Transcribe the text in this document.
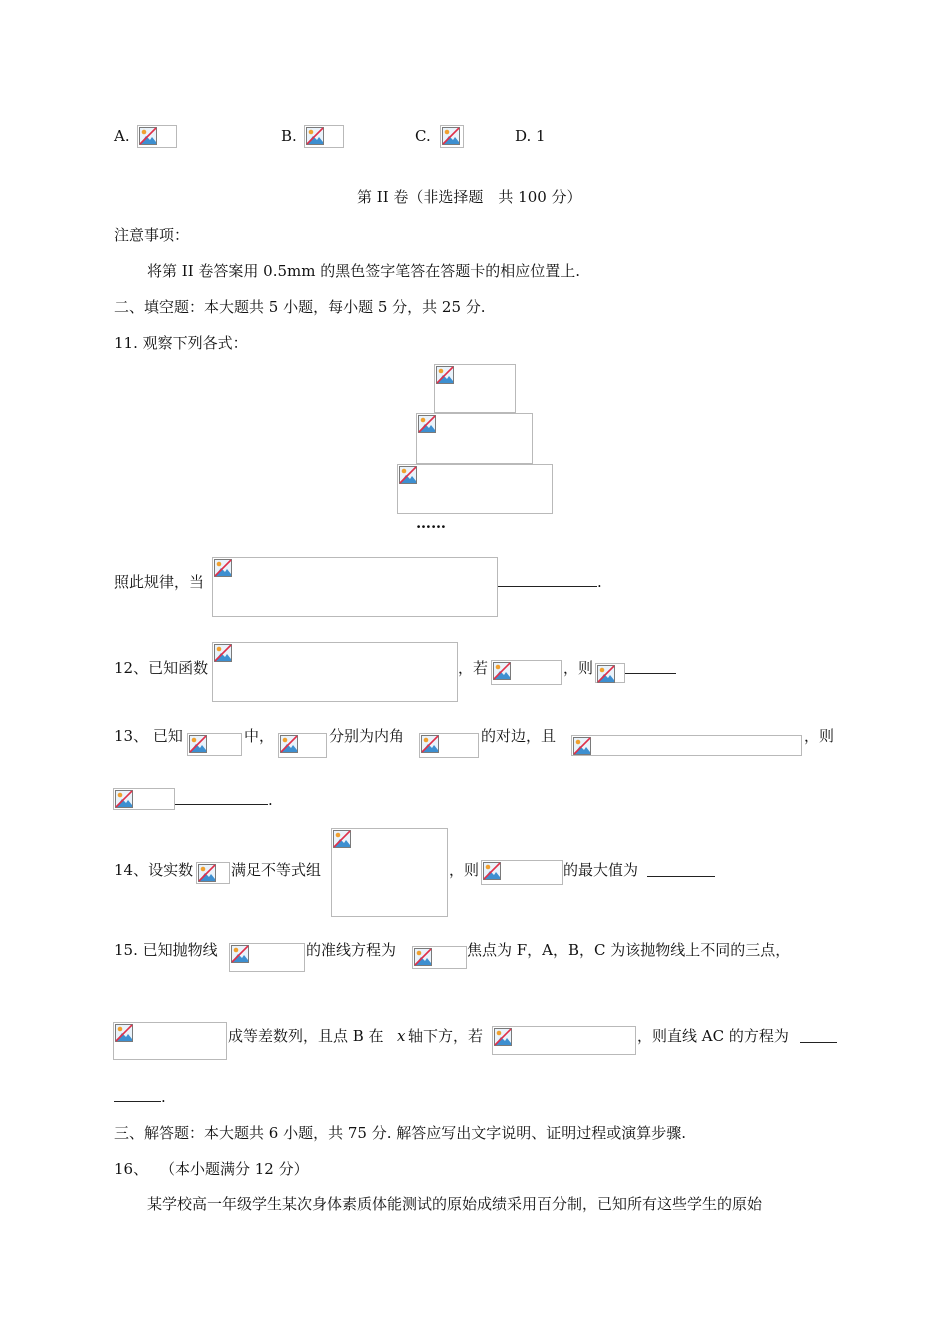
A.	B.	C.	D. 1
第 II 卷（非选择题　共 100 分）
注意事项：
将第 II 卷答案用 0.5mm 的黑色签字笔答在答题卡的相应位置上.
二、填空题：本大题共 5 小题，每小题 5 分，共 25 分.
11. 观察下列各式：
……
照此规律，当	.
12、已知函数	，若	，则
13、 已知	中，	分别为内角	的对边，且	，则
.
14、设实数	满足不等式组	，则	的最大值为
15. 已知抛物线	的准线方程为	焦点为 F，A，B，C 为该抛物线上不同的三点，
成等差数列，且点 B 在 x 轴下方，若	，则直线 AC 的方程为
.
三、解答题：本大题共 6 小题，共 75 分. 解答应写出文字说明、证明过程或演算步骤.
16、 （本小题满分 12 分）
某学校高一年级学生某次身体素质体能测试的原始成绩采用百分制，已知所有这些学生的原始
